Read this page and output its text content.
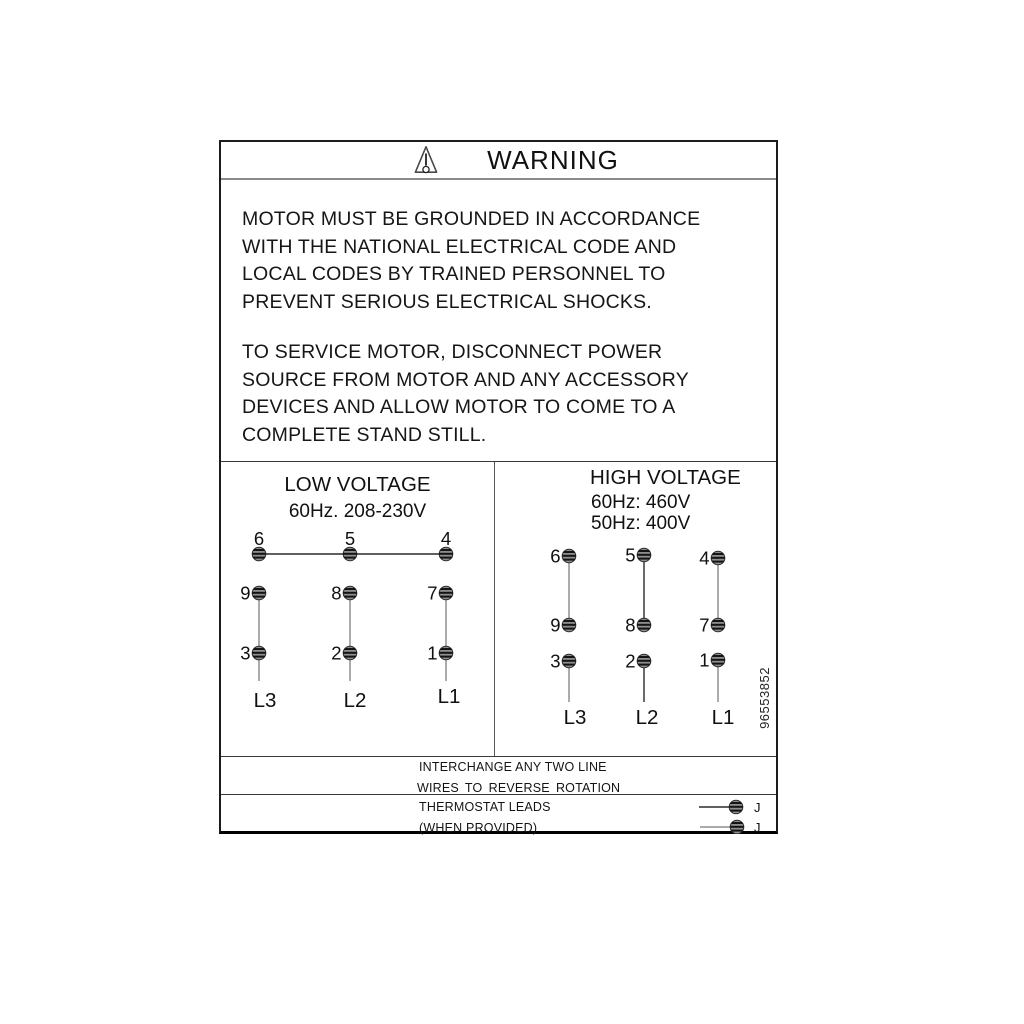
WARNING
MOTOR MUST BE GROUNDED IN ACCORDANCE
WITH THE NATIONAL ELECTRICAL CODE AND
LOCAL CODES BY TRAINED PERSONNEL TO
PREVENT SERIOUS ELECTRICAL SHOCKS.
TO SERVICE MOTOR, DISCONNECT POWER
SOURCE FROM MOTOR AND ANY ACCESSORY
DEVICES AND ALLOW MOTOR TO COME TO A
COMPLETE STAND STILL.
LOW VOLTAGE
60Hz. 208-230V
6	5	4
9	8	7
3	2	1
L3	L2	L1
HIGH VOLTAGE
60Hz: 460V
50Hz: 400V
96553852
6	5	4
9	8	7
3	2	1
L3 L2	L1
INTERCHANGE ANY TWO LINE
WIRES TO REVERSE ROTATION
THERMOSTAT LEADS
(WHEN PROVIDED)
J
J
